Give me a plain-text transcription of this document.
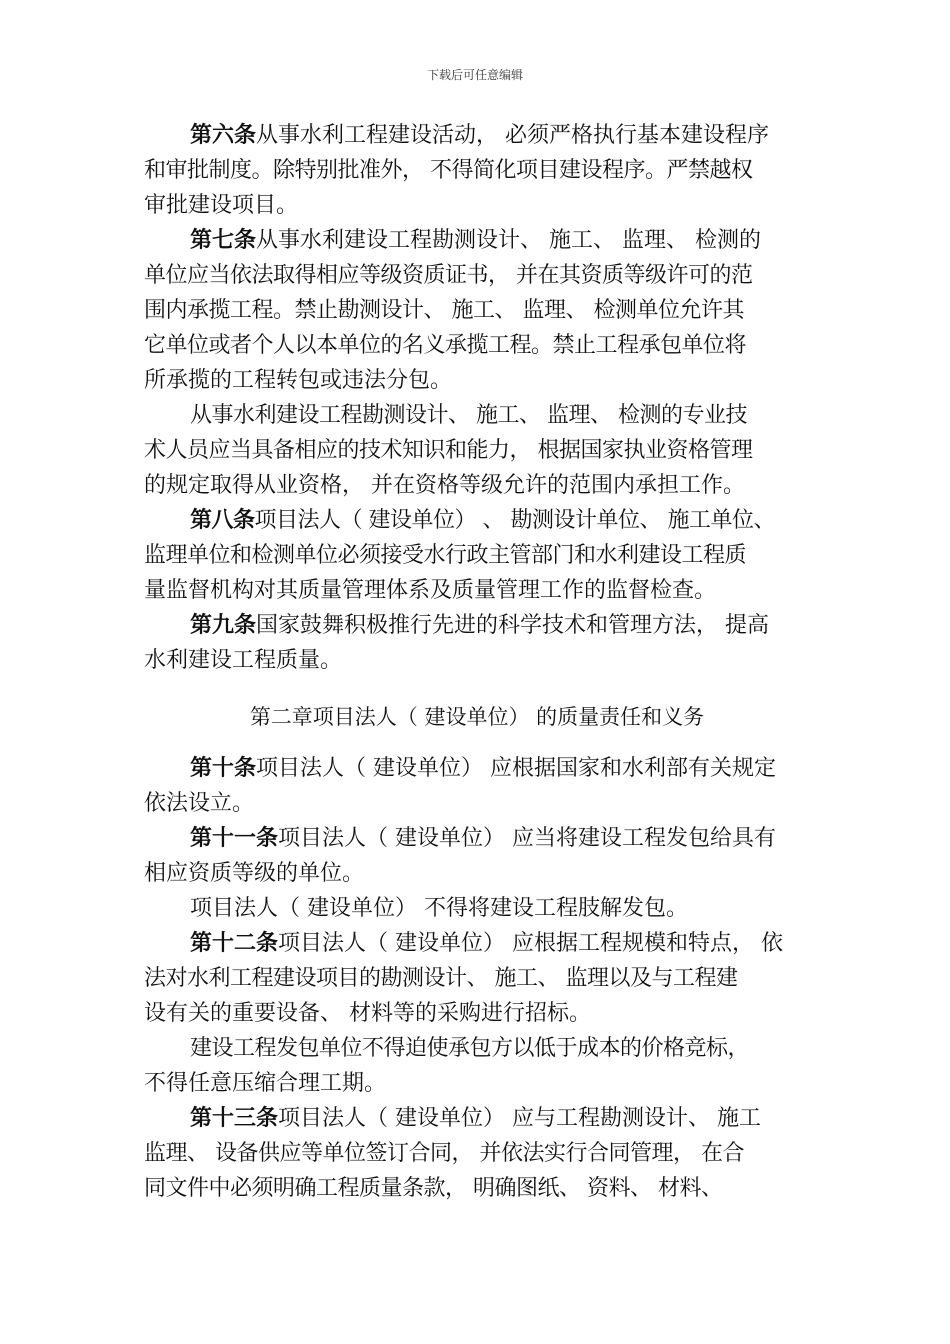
下载后可任意编辑
第六条从事水利工程建设活动， 必须严格执行基本建设程序
和审批制度。除特别批准外， 不得简化项目建设程序。严禁越权
审批建设项目。
第七条从事水利建设工程勘测设计、 施工、 监理、 检测的
单位应当依法取得相应等级资质证书， 并在其资质等级许可的范
围内承揽工程。禁止勘测设计、 施工、 监理、 检测单位允许其
它单位或者个人以本单位的名义承揽工程。禁止工程承包单位将
所承揽的工程转包或违法分包。
从事水利建设工程勘测设计、 施工、 监理、 检测的专业技
术人员应当具备相应的技术知识和能力， 根据国家执业资格管理
的规定取得从业资格， 并在资格等级允许的范围内承担工作。
第八条项目法人（ 建设单位） 、 勘测设计单位、 施工单位、
监理单位和检测单位必须接受水行政主管部门和水利建设工程质
量监督机构对其质量管理体系及质量管理工作的监督检查。
第九条国家鼓舞积极推行先进的科学技术和管理方法， 提高
水利建设工程质量。
第二章项目法人（ 建设单位） 的质量责任和义务
第十条项目法人（ 建设单位） 应根据国家和水利部有关规定
依法设立。
第十一条项目法人（ 建设单位） 应当将建设工程发包给具有
相应资质等级的单位。
项目法人（ 建设单位） 不得将建设工程肢解发包。
第十二条项目法人（ 建设单位） 应根据工程规模和特点， 依
法对水利工程建设项目的勘测设计、 施工、 监理以及与工程建
设有关的重要设备、 材料等的采购进行招标。
建设工程发包单位不得迫使承包方以低于成本的价格竞标，
不得任意压缩合理工期。
第十三条项目法人（ 建设单位） 应与工程勘测设计、 施工
监理、 设备供应等单位签订合同， 并依法实行合同管理， 在合
同文件中必须明确工程质量条款， 明确图纸、 资料、 材料、
